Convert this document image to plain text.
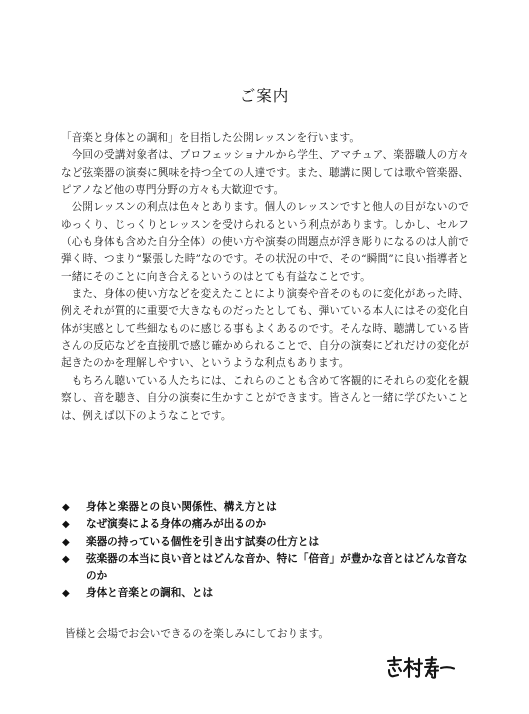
ご案内

「音楽と身体との調和」を目指した公開レッスンを行います。

今回の受講対象者は、プロフェッショナルから学生、アマチュア、楽器職人の方々など弦楽器の演奏に興味を持つ全ての人達です。また、聴講に関しては歌や管楽器、ピアノなど他の専門分野の方々も大歓迎です。

公開レッスンの利点は色々とあります。個人のレッスンですと他人の目がないのでゆっくり、じっくりとレッスンを受けられるという利点があります。しかし、セルフ（心も身体も含めた自分全体）の使い方や演奏の問題点が浮き彫りになるのは人前で弾く時、つまり“緊張した時”なのです。その状況の中で、その“瞬間”に良い指導者と一緒にそのことに向き合えるというのはとても有益なことです。

また、身体の使い方などを変えたことにより演奏や音そのものに変化があった時、例えそれが質的に重要で大きなものだったとしても、弾いている本人にはその変化自体が実感として些細なものに感じる事もよくあるのです。そんな時、聴講している皆さんの反応などを直接肌で感じ確かめられることで、自分の演奏にどれだけの変化が起きたのかを理解しやすい、というような利点もあります。

もちろん聴いている人たちには、これらのことも含めて客観的にそれらの変化を観察し、音を聴き、自分の演奏に生かすことができます。皆さんと一緒に学びたいことは、例えば以下のようなことです。

◆	身体と楽器との良い関係性、構え方とは
◆	なぜ演奏による身体の痛みが出るのか
◆	楽器の持っている個性を引き出す試奏の仕方とは
◆	弦楽器の本当に良い音とはどんな音か、特に「倍音」が豊かな音とはどんな音なのか
◆	身体と音楽との調和、とは
皆様と会場でお会いできるのを楽しみにしております。
